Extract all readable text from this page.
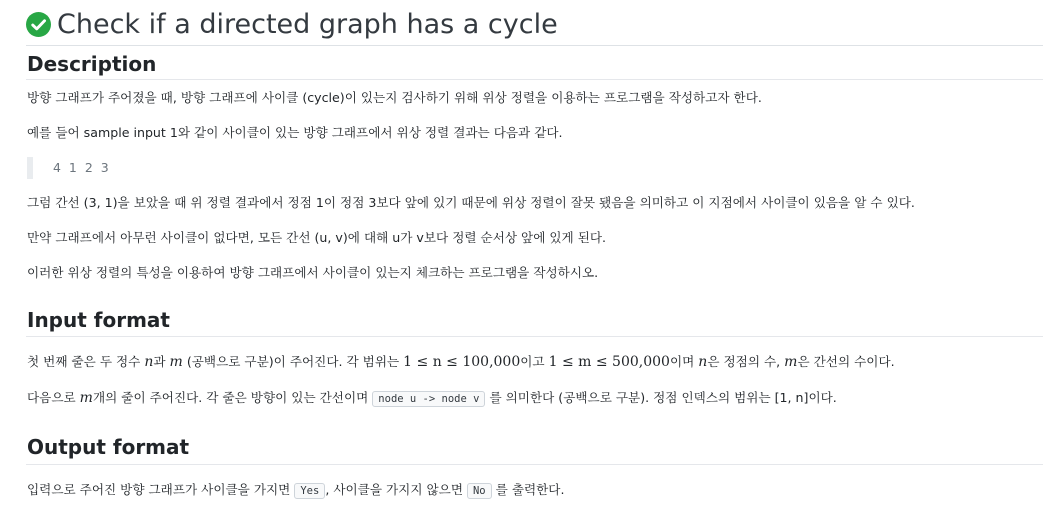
Check if a directed graph has a cycle
Description

방향 그래프가 주어졌을 때, 방향 그래프에 사이클 (cycle)이 있는지 검사하기 위해 위상 정렬을 이용하는 프로그램을 작성하고자 한다.

예를 들어 sample input 1와 같이 사이클이 있는 방향 그래프에서 위상 정렬 결과는 다음과 같다.

4 1 2 3

그럼 간선 (3, 1)을 보았을 때 위 정렬 결과에서 정점 1이 정점 3보다 앞에 있기 때문에 위상 정렬이 잘못 됐음을 의미하고 이 지점에서 사이클이 있음을 알 수 있다.

만약 그래프에서 아무런 사이클이 없다면, 모든 간선 (u, v)에 대해 u가 v보다 정렬 순서상 앞에 있게 된다.

이러한 위상 정렬의 특성을 이용하여 방향 그래프에서 사이클이 있는지 체크하는 프로그램을 작성하시오.

Input format

첫 번째 줄은 두 정수 n과 m (공백으로 구분)이 주어진다. 각 범위는 1 ≤ n ≤ 100,000이고 1 ≤ m ≤ 500,000이며 n은 정점의 수, m은 간선의 수이다.

다음으로 m개의 줄이 주어진다. 각 줄은 방향이 있는 간선이며 node u -> node v 를 의미한다 (공백으로 구분). 정점 인덱스의 범위는 [1, n]이다.

Output format

입력으로 주어진 방향 그래프가 사이클을 가지면 Yes , 사이클을 가지지 않으면 No 를 출력한다.
